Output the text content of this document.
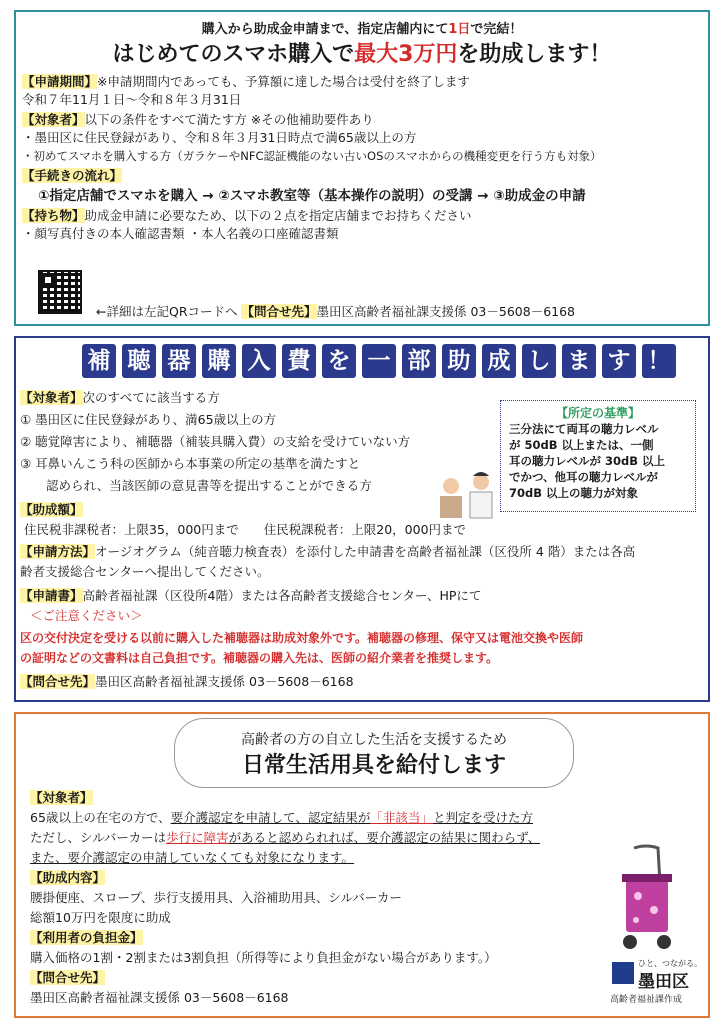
購入から助成金申請まで、指定店舗内にて1日で完結！
はじめてのスマホ購入で最大3万円を助成します！
【申請期間】※申請期間内であっても、予算額に達した場合は受付を終了します
令和７年11月１日～令和８年３月31日
【対象者】以下の条件をすべて満たす方 ※その他補助要件あり
・墨田区に住民登録があり、令和８年３月31日時点で満65歳以上の方
・初めてスマホを購入する方（ガラケーやNFC認証機能のない古いOSのスマホからの機種変更を行う方も対象）
【手続きの流れ】
①指定店舗でスマホを購入 → ②スマホ教室等（基本操作の説明）の受講 → ③助成金の申請
【持ち物】助成金申請に必要なため、以下の２点を指定店舗までお持ちください
・顔写真付きの本人確認書類 ・本人名義の口座確認書類
←詳細は左記QRコードへ 【問合せ先】墨田区高齢者福祉課支援係 03－5608－6168
補 聴 器 購 入 費 を 一 部 助 成 し ま す ！
【対象者】次のすべてに該当する方
① 墨田区に住民登録があり、満65歳以上の方
② 聴覚障害により、補聴器（補装具購入費）の支給を受けていない方
③ 耳鼻いんこう科の医師から本事業の所定の基準を満たすと
認められ、当該医師の意見書等を提出することができる方
【所定の基準】
三分法にて両耳の聴力レベル
が 50dB 以上または、一側
耳の聴力レベルが 30dB 以上
でかつ、他耳の聴力レベルが
70dB 以上の聴力が対象
【助成額】
住民税非課税者：上限35，000円まで　　住民税課税者：上限20，000円まで
【申請方法】オージオグラム（純音聴力検査表）を添付した申請書を高齢者福祉課（区役所 4 階）または各高
齢者支援総合センターへ提出してください。
【申請書】高齢者福祉課（区役所4階）または各高齢者支援総合センター、HPにて
＜ご注意ください＞
区の交付決定を受ける以前に購入した補聴器は助成対象外です。補聴器の修理、保守又は電池交換や医師
の証明などの文書料は自己負担です。補聴器の購入先は、医師の紹介業者を推奨します。
【問合せ先】墨田区高齢者福祉課支援係 03－5608－6168
高齢者の方の自立した生活を支援するため
日常生活用具を給付します
【対象者】
65歳以上の在宅の方で、要介護認定を申請して、認定結果が「非該当」と判定を受けた方
ただし、シルバーカーは歩行に障害があると認められれば、要介護認定の結果に関わらず、
また、要介護認定の申請していなくても対象になります。
【助成内容】
腰掛便座、スロープ、歩行支援用具、入浴補助用具、シルバーカー
総額10万円を限度に助成
【利用者の負担金】
購入価格の1割・2割または3割負担（所得等により負担金がない場合があります。）
【問合せ先】
墨田区高齢者福祉課支援係 03－5608－6168
ひと、つながる。
墨田区
高齢者福祉課作成
